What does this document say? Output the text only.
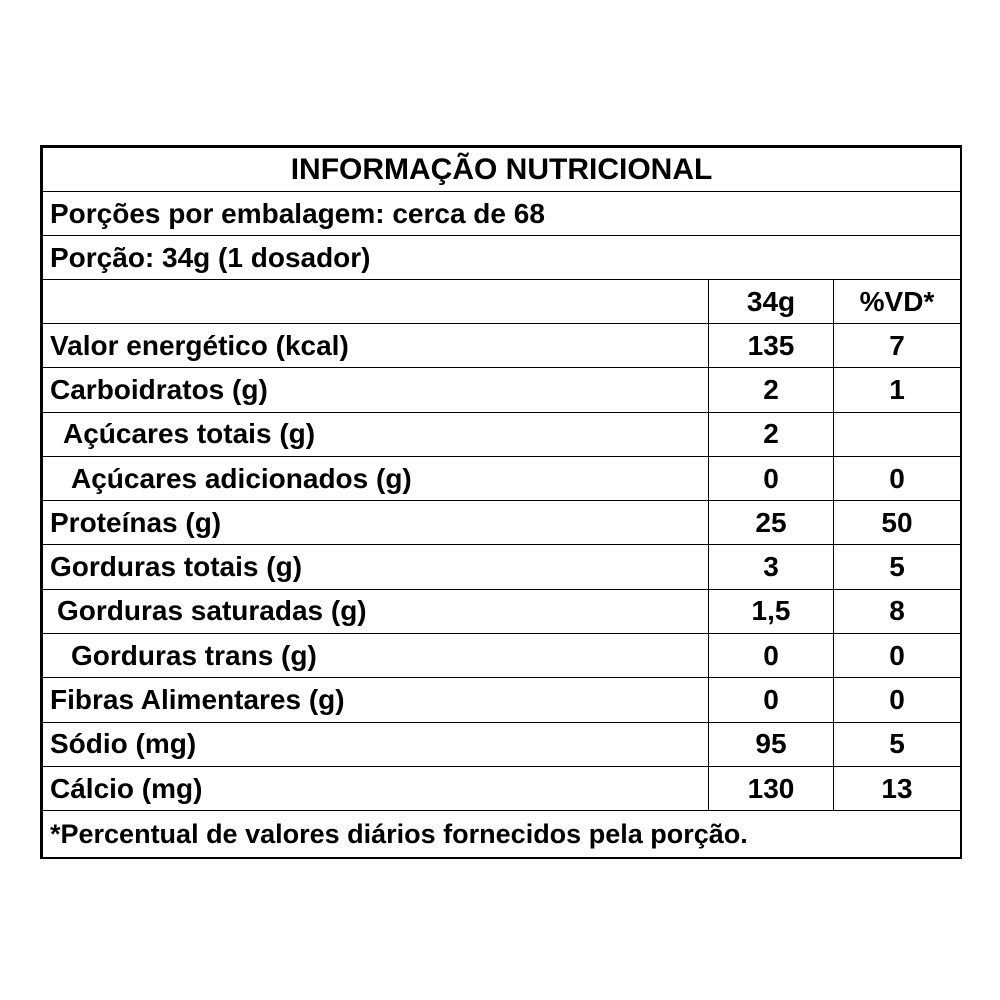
INFORMAÇÃO NUTRICIONAL		
Porções por embalagem: cerca de 68		
Porção: 34g (1 dosador)		
	34g	%VD*
Valor energético (kcal)	135	7
Carboidratos (g)	2	1
Açúcares totais (g)	2	
Açúcares adicionados (g)	0	0
Proteínas (g)	25	50
Gorduras totais (g)	3	5
Gorduras saturadas (g)	1,5	8
Gorduras trans (g)	0	0
Fibras Alimentares (g)	0	0
Sódio (mg)	95	5
Cálcio (mg)	130	13
*Percentual de valores diários fornecidos pela porção.		
